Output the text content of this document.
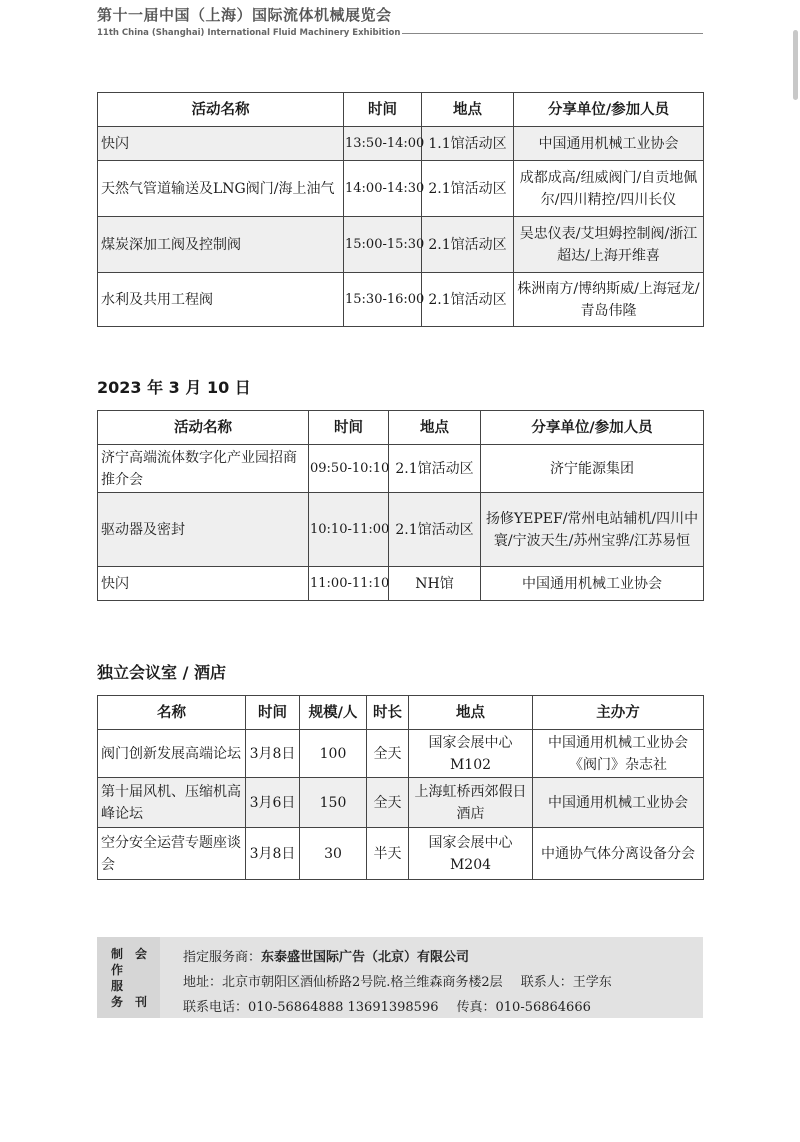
第十一届中国（上海）国际流体机械展览会
11th China (Shanghai) International Fluid Machinery Exhibition
活动名称	时间	地点	分享单位/参加人员
快闪	13:50-14:00	1.1馆活动区	中国通用机械工业协会
天然气管道输送及LNG阀门/海上油气	14:00-14:30	2.1馆活动区	成都成高/纽威阀门/自贡地佩尔/四川精控/四川长仪
煤炭深加工阀及控制阀	15:00-15:30	2.1馆活动区	吴忠仪表/艾坦姆控制阀/浙江超达/上海开维喜
水利及共用工程阀	15:30-16:00	2.1馆活动区	株洲南方/博纳斯威/上海冠龙/青岛伟隆
2023 年 3 月 10 日
活动名称	时间	地点	分享单位/参加人员
济宁高端流体数字化产业园招商推介会	09:50-10:10	2.1馆活动区	济宁能源集团
驱动器及密封	10:10-11:00	2.1馆活动区	扬修YEPEF/常州电站辅机/四川中寰/宁波天生/苏州宝骅/江苏易恒
快闪	11:00-11:10	NH馆	中国通用机械工业协会
独立会议室 / 酒店
名称	时间	规模/人	时长	地点	主办方
阀门创新发展高端论坛	3月8日	100	全天	国家会展中心M102	中国通用机械工业协会《阀门》杂志社
第十届风机、压缩机高峰论坛	3月6日	150	全天	上海虹桥西郊假日酒店	中国通用机械工业协会
空分安全运营专题座谈会	3月8日	30	半天	国家会展中心M204	中通协气体分离设备分会
制 会
作
服
务 刊
指定服务商：东泰盛世国际广告（北京）有限公司
地址：北京市朝阳区酒仙桥路2号院.格兰维森商务楼2层 联系人：王学东
联系电话：010-56864888 13691398596 传真：010-56864666
